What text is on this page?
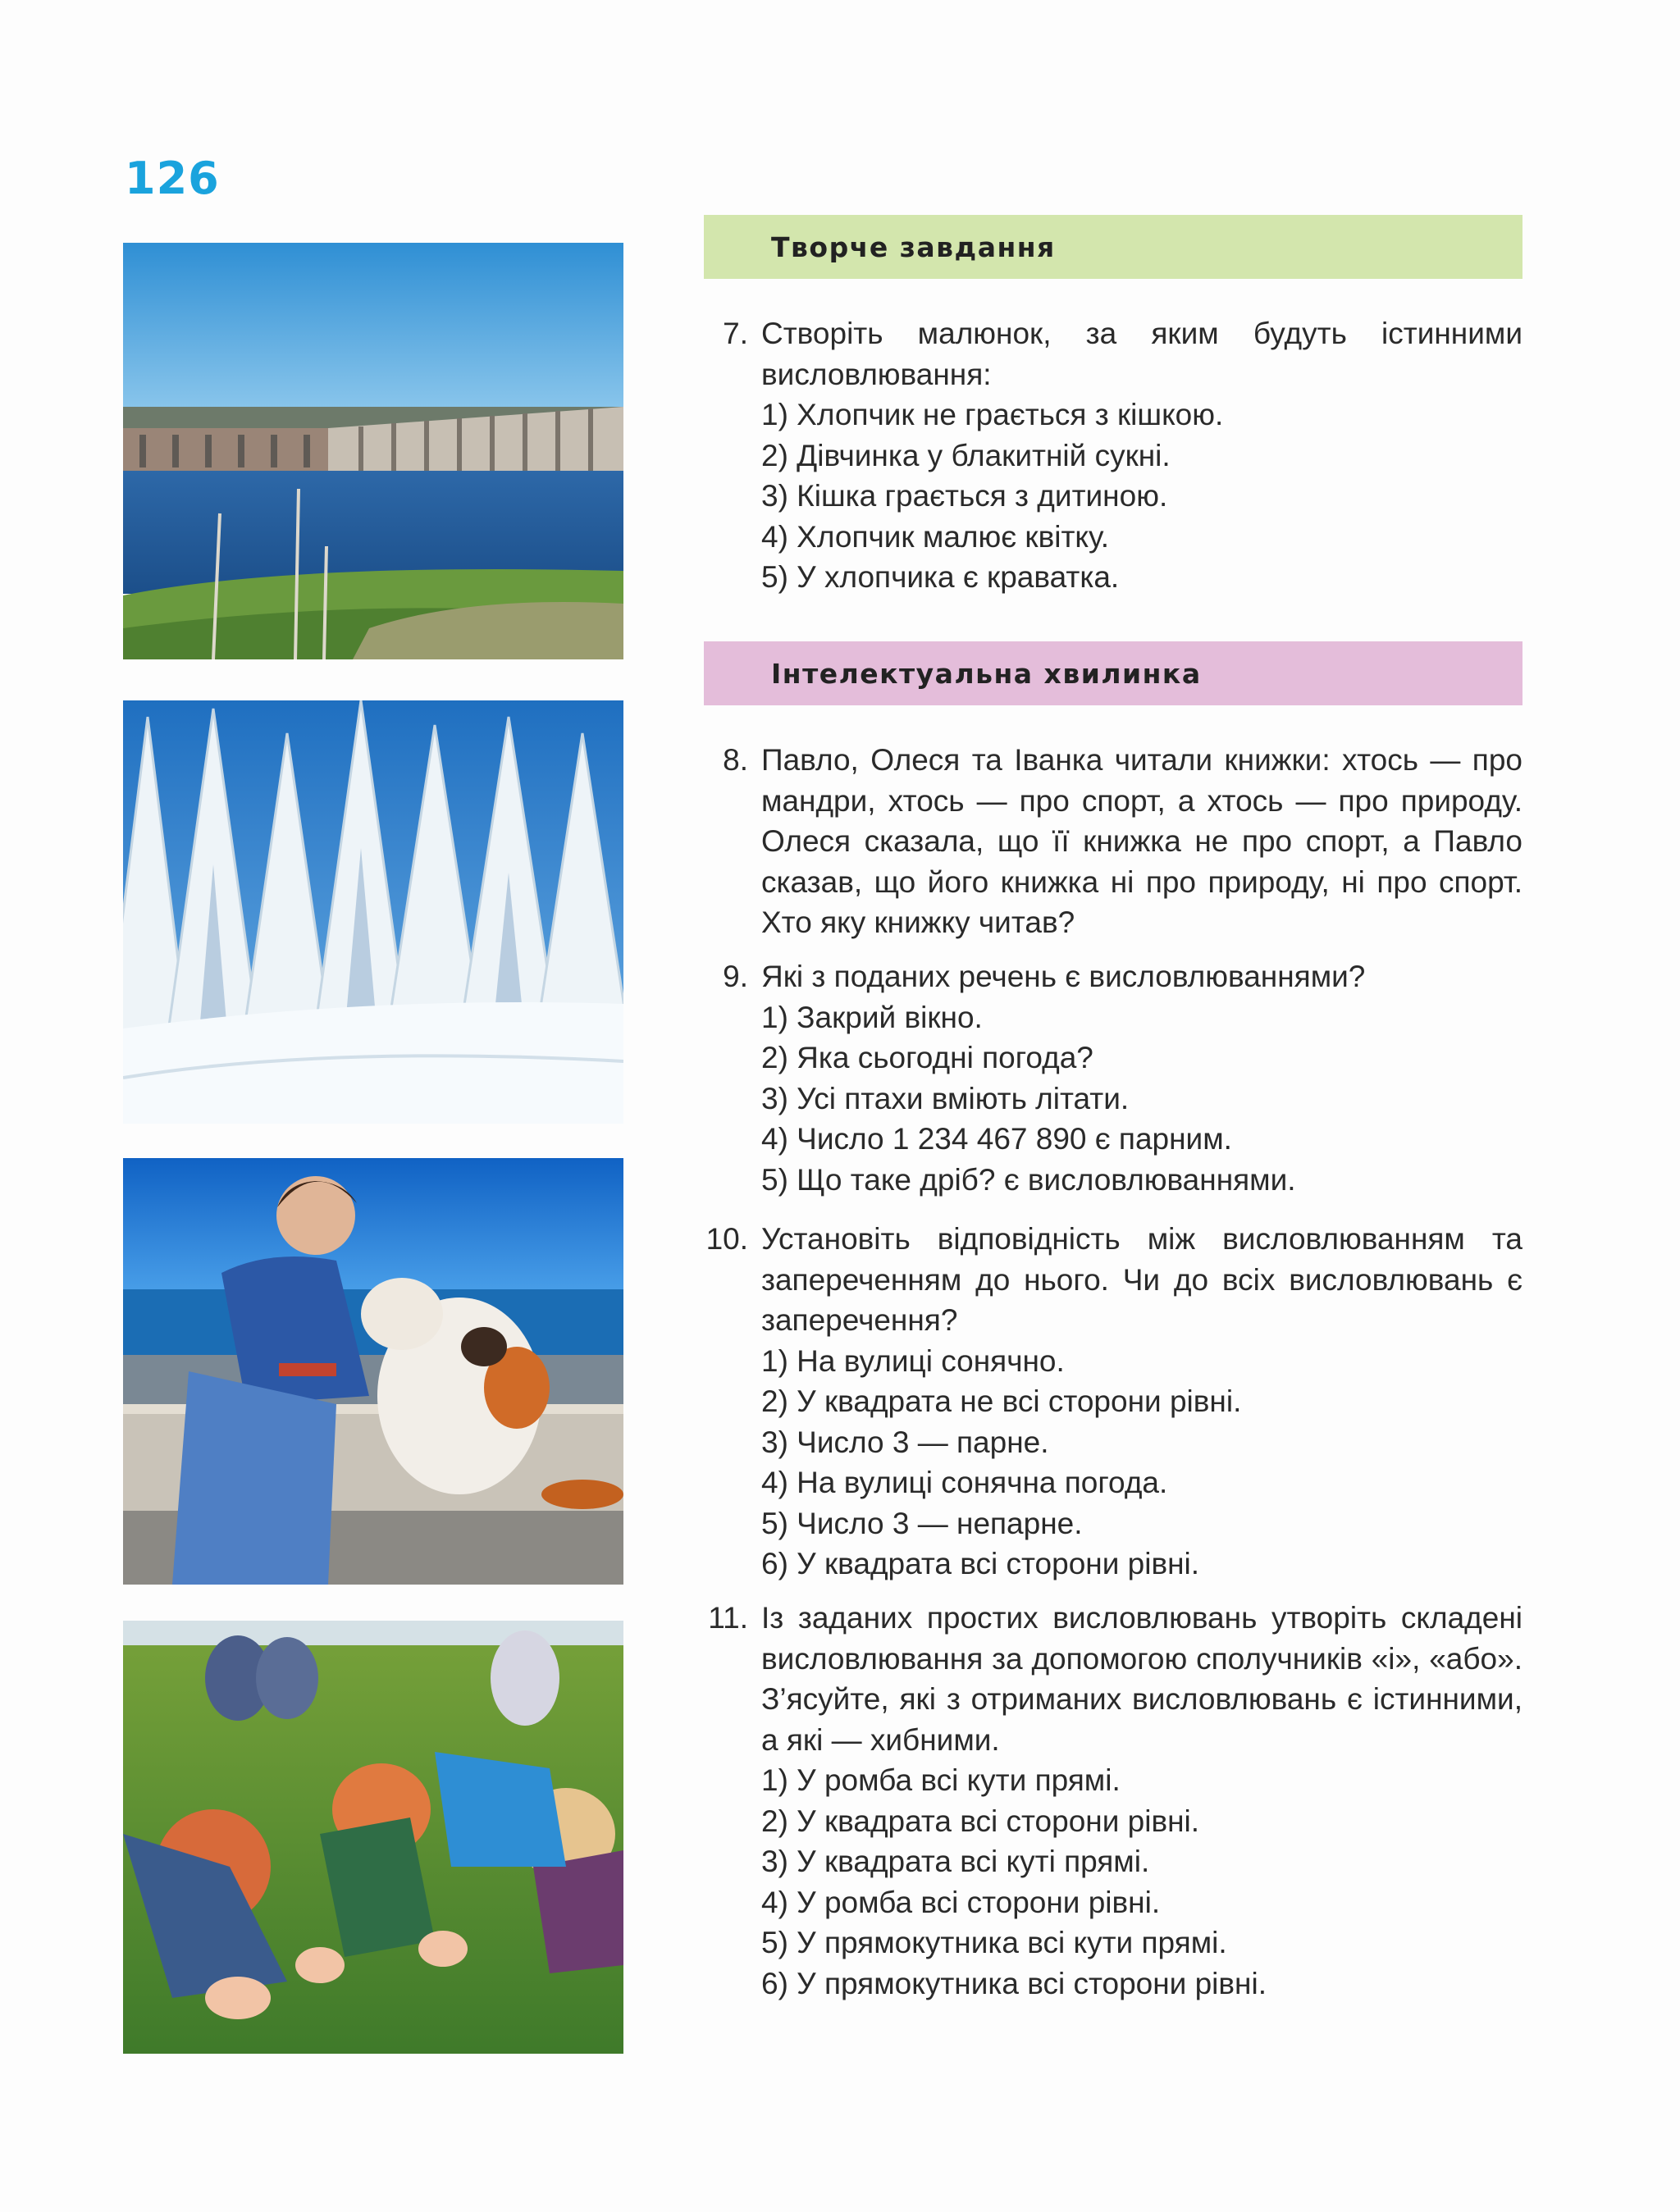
126
Творче завдання
Інтелектуальна хвилинка
7. Створіть малюнок, за яким будуть істинними висловлювання:

1) Хлопчик не грається з кішкою.
2) Дівчинка у блакитній сукні.
3) Кішка грається з дитиною.
4) Хлопчик малює квітку.
5) У хлопчика є краватка.
8. Павло, Олеся та Іванка читали книжки: хтось — про мандри, хтось — про спорт, а хтось — про природу. Олеся сказала, що її книжка не про спорт, а Павло сказав, що його книжка ні про природу, ні про спорт. Хто яку книжку читав?

9. Які з поданих речень є висловлюваннями?

1) Закрий вікно.
2) Яка сьогодні погода?
3) Усі птахи вміють літати.
4) Число 1 234 467 890 є парним.
5) Що таке дріб? є висловлюваннями.
10. Установіть відповідність між висловлюванням та запереченням до нього. Чи до всіх висловлювань є заперечення?

1) На вулиці сонячно.
2) У квадрата не всі сторони рівні.
3) Число 3 — парне.
4) На вулиці сонячна погода.
5) Число 3 — непарне.
6) У квадрата всі сторони рівні.
11. Із заданих простих висловлювань утворіть складені висловлювання за допомогою сполучників «і», «або». З’ясуйте, які з отриманих висловлювань є істинними, а які — хибними.

1) У ромба всі кути прямі.
2) У квадрата всі сторони рівні.
3) У квадрата всі куті прямі.
4) У ромба всі сторони рівні.
5) У прямокутника всі кути прямі.
6) У прямокутника всі сторони рівні.
